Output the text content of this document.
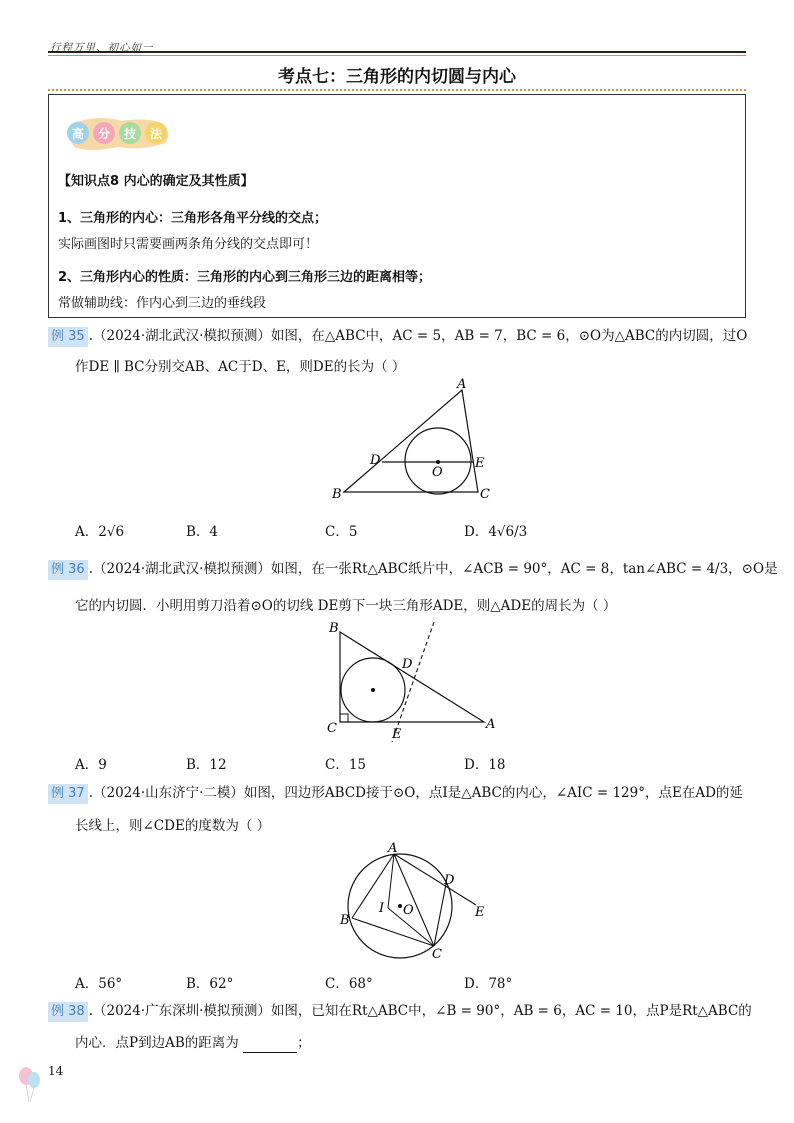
行程万里、初心如一
考点七：三角形的内切圆与内心
高 分 技 法
【知识点8 内心的确定及其性质】
1、三角形的内心：三角形各角平分线的交点；
实际画图时只需要画两条角分线的交点即可！
2、三角形内心的性质：三角形的内心到三角形三边的距离相等；
常做辅助线：作内心到三边的垂线段
例 35 .（2024·湖北武汉·模拟预测）如图，在△ABC中，AC = 5，AB = 7，BC = 6，⊙O为△ABC的内切圆，过O
作DE ∥ BC分别交AB、AC于D、E，则DE的长为（ ）
A
D	E
O
B	C
A．2√6	B．4	C．5	D．4√6/3
例 36 .（2024·湖北武汉·模拟预测）如图，在一张Rt△ABC纸片中，∠ACB = 90°，AC = 8，tan∠ABC = 4/3，⊙O是
它的内切圆．小明用剪刀沿着⊙O的切线 DE剪下一块三角形ADE，则△ADE的周长为（ ）
B
D
C	E
A
A．9	B．12	C．15	D．18
例 37 .（2024·山东济宁·二模）如图，四边形ABCD接于⊙O，点I是△ABC的内心，∠AIC = 129°，点E在AD的延
长线上，则∠CDE的度数为（ ）
A
D
I O	E
B
C
A．56°	B．62°	C．68°	D．78°
例 38 .（2024·广东深圳·模拟预测）如图，已知在Rt△ABC中，∠B = 90°，AB = 6，AC = 10，点P是Rt△ABC的
内心．点P到边AB的距离为	；
14
